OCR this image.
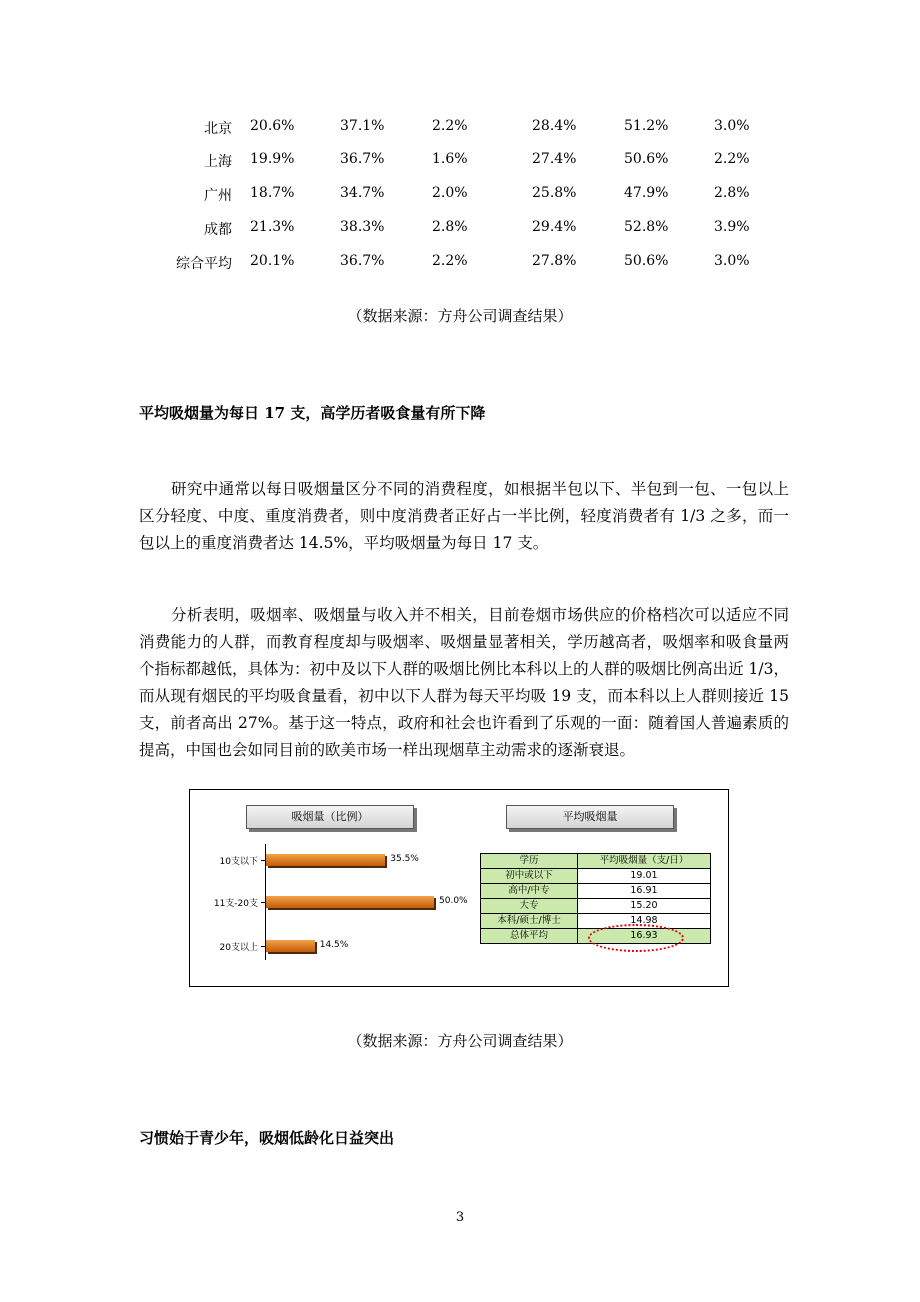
北京 20.6%	37.1%	2.2%	28.4%	51.2%	3.0%
上海 19.9%	36.7%	1.6%	27.4%	50.6%	2.2%
广州 18.7%	34.7%	2.0%	25.8%	47.9%	2.8%
成都 21.3%	38.3%	2.8%	29.4%	52.8%	3.9%
综合平均 20.1%	36.7%	2.2%	27.8%	50.6%	3.0%
（数据来源：方舟公司调查结果）
平均吸烟量为每日 17 支，高学历者吸食量有所下降
研究中通常以每日吸烟量区分不同的消费程度，如根据半包以下、半包到一包、一包以上区分轻度、中度、重度消费者，则中度消费者正好占一半比例，轻度消费者有 1/3 之多，而一包以上的重度消费者达 14.5%，平均吸烟量为每日 17 支。
分析表明，吸烟率、吸烟量与收入并不相关，目前卷烟市场供应的价格档次可以适应不同消费能力的人群，而教育程度却与吸烟率、吸烟量显著相关，学历越高者，吸烟率和吸食量两个指标都越低，具体为：初中及以下人群的吸烟比例比本科以上的人群的吸烟比例高出近 1/3，而从现有烟民的平均吸食量看，初中以下人群为每天平均吸 19 支，而本科以上人群则接近 15 支，前者高出 27%。基于这一特点，政府和社会也许看到了乐观的一面：随着国人普遍素质的提高，中国也会如同目前的欧美市场一样出现烟草主动需求的逐渐衰退。
吸烟量（比例）
10支以下	35.5%
11支-20支	50.0%
20支以上	14.5%
平均吸烟量
学历	平均吸烟量（支/日）
初中或以下	19.01
高中/中专	16.91
大专	15.20
本科/硕士/博士	14.98
总体平均	16.93
（数据来源：方舟公司调查结果）
习惯始于青少年，吸烟低龄化日益突出
3
